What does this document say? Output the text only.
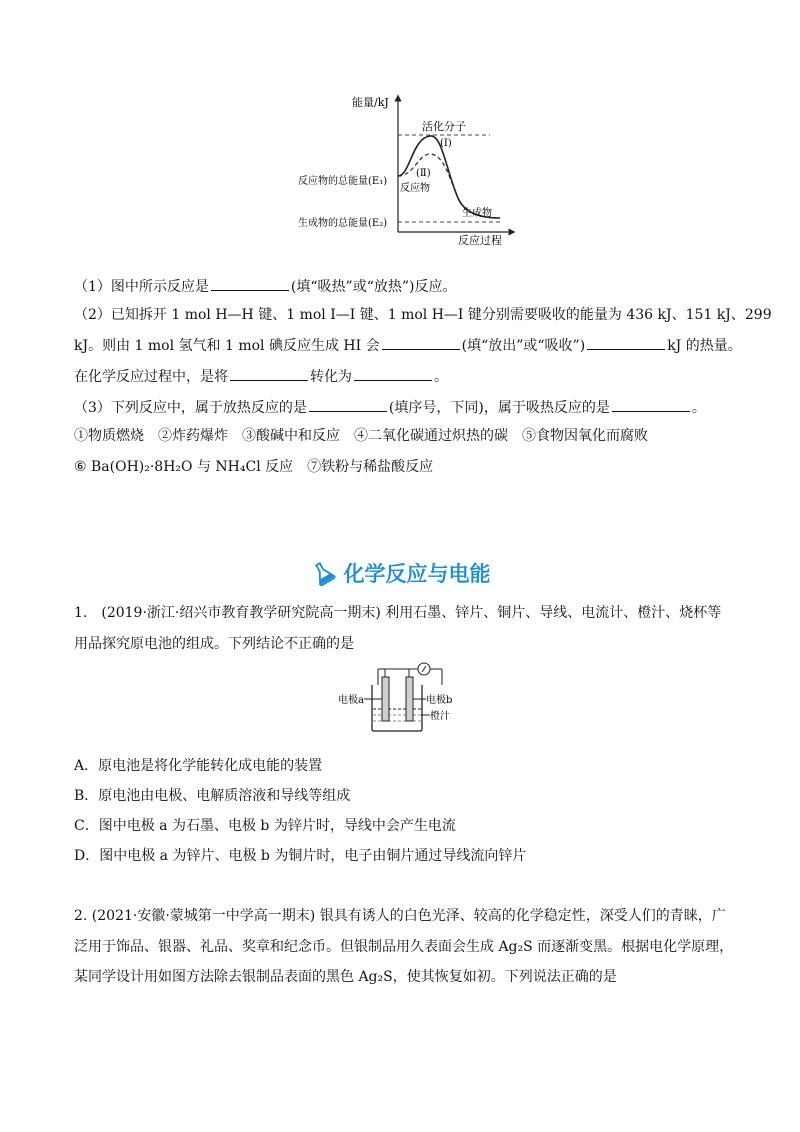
能量/kJ
反应过程
反应物的总能量(E₁)
生成物的总能量(E₂)
活化分子
(Ⅰ)
(Ⅱ)
反应物
生成物
（1）图中所示反应是	(填“吸热”或“放热”)反应。
（2）已知拆开 1 mol H—H 键、1 mol I—I 键、1 mol H—I 键分别需要吸收的能量为 436 kJ、151 kJ、299
kJ。则由 1 mol 氢气和 1 mol 碘反应生成 HI 会	(填“放出”或“吸收”)	kJ 的热量。
在化学反应过程中，是将	转化为	。
（3）下列反应中，属于放热反应的是	(填序号，下同)，属于吸热反应的是	。
①物质燃烧　②炸药爆炸　③酸碱中和反应　④二氧化碳通过炽热的碳　⑤食物因氧化而腐败
⑥ Ba(OH)₂·8H₂O 与 NH₄Cl 反应　⑦铁粉与稀盐酸反应
化学反应与电能
1.　(2019·浙江·绍兴市教育教学研究院高一期末) 利用石墨、锌片、铜片、导线、电流计、橙汁、烧杯等
用品探究原电池的组成。下列结论不正确的是
电极a	电极b
橙汁
A．原电池是将化学能转化成电能的装置
B．原电池由电极、电解质溶液和导线等组成
C．图中电极 a 为石墨、电极 b 为锌片时，导线中会产生电流
D．图中电极 a 为锌片、电极 b 为铜片时，电子由铜片通过导线流向锌片
2. (2021·安徽·蒙城第一中学高一期末) 银具有诱人的白色光泽、较高的化学稳定性，深受人们的青睐，广
泛用于饰品、银器、礼品、奖章和纪念币。但银制品用久表面会生成 Ag₂S 而逐渐变黑。根据电化学原理，
某同学设计用如图方法除去银制品表面的黑色 Ag₂S，使其恢复如初。下列说法正确的是
